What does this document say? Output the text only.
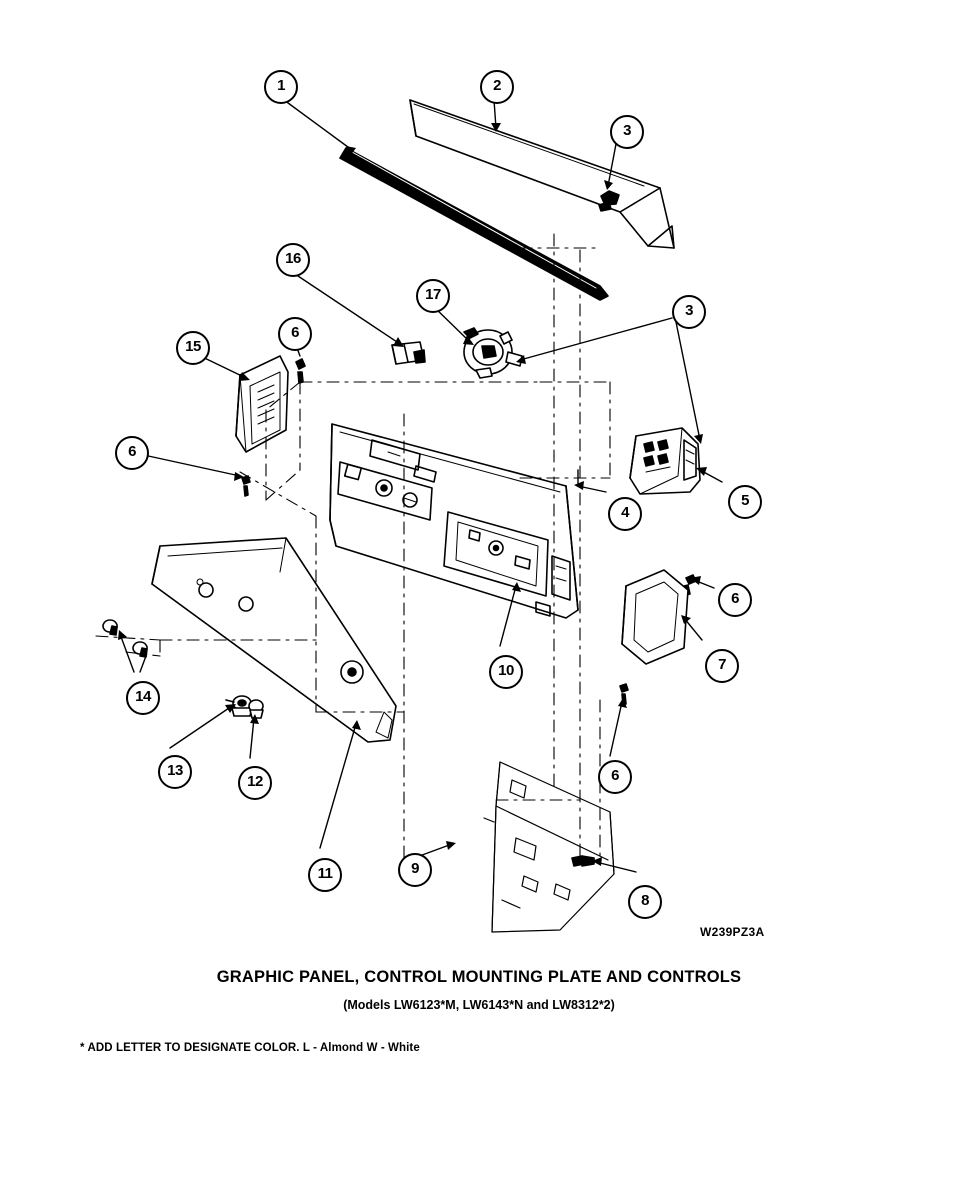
1	2
3
16
17
3
15
6
6
4
5
6
7
10
14
13
12	6
11	9
8
W239PZ3A
GRAPHIC PANEL, CONTROL MOUNTING PLATE AND CONTROLS
(Models LW6123*M, LW6143*N and LW8312*2)
* ADD LETTER TO DESIGNATE COLOR. L - Almond W - White
